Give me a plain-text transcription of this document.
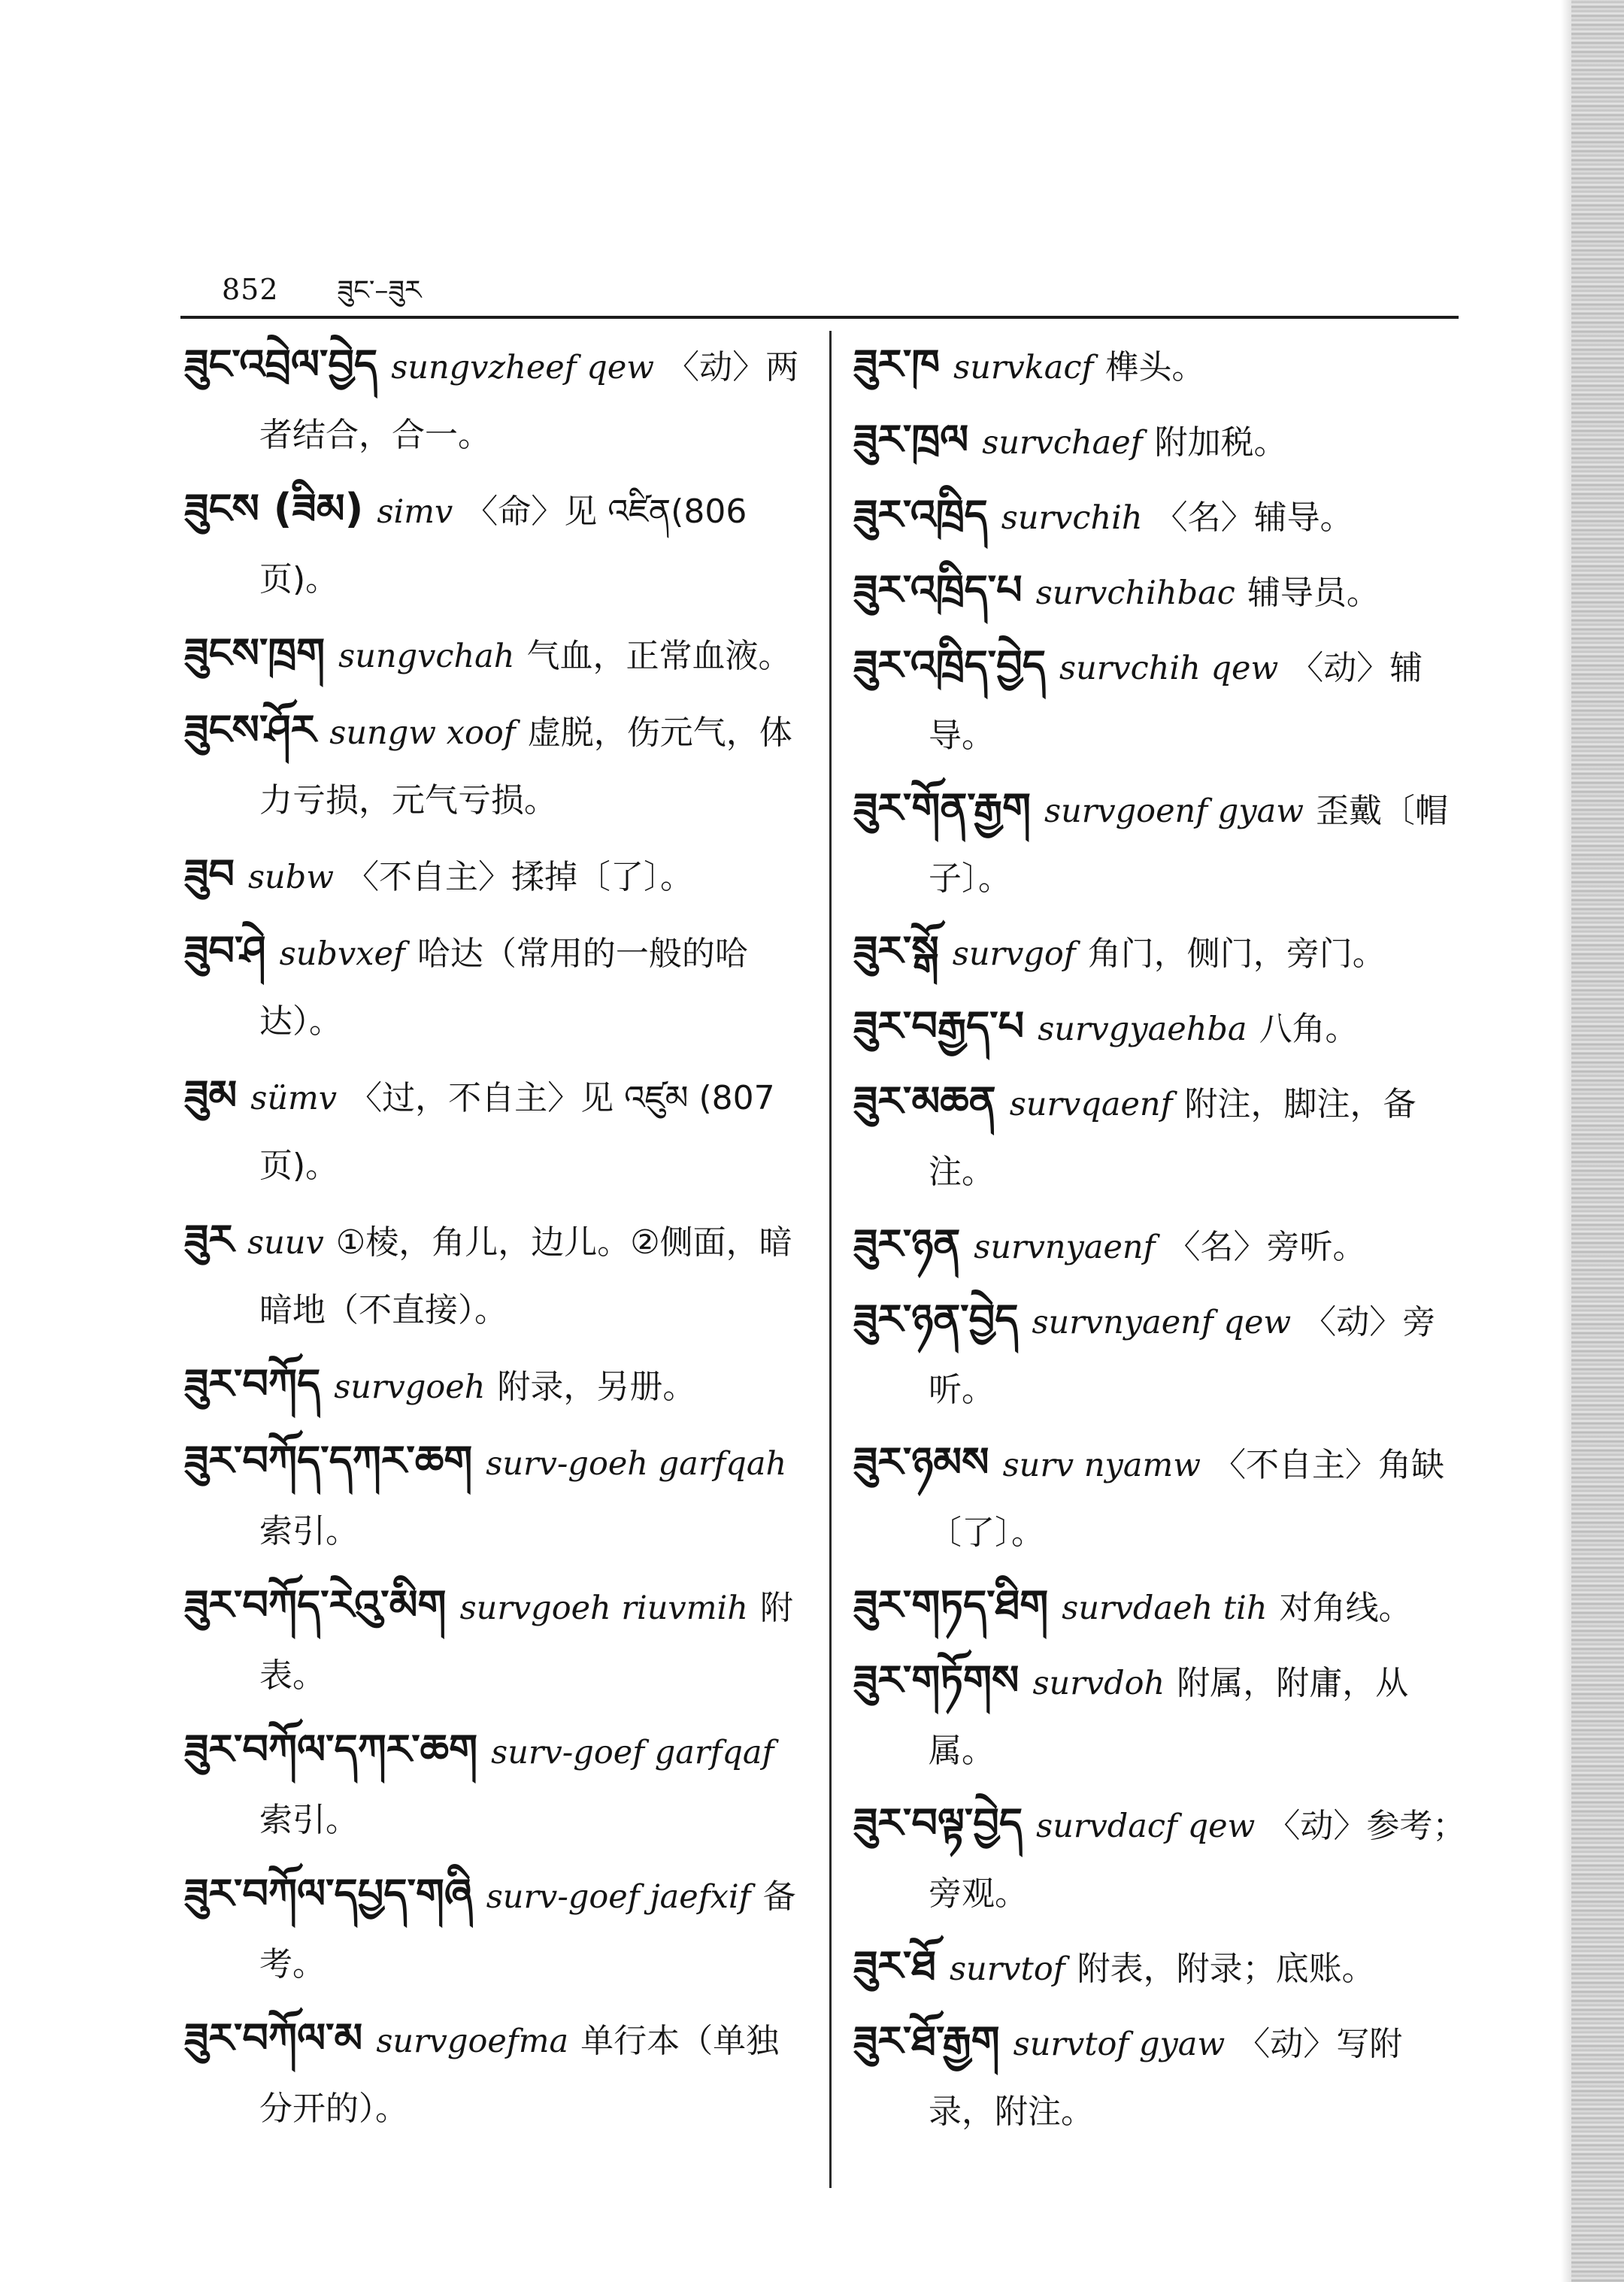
852 ཟུང་–ཟུར
ཟུང་འབྲེལ་བྱེད sungvzheef qew 〈动〉两者结合，合一。
ཟུངས (ཟིམ) simv 〈命〉见 འཛིན(806页)。
ཟུངས་ཁྲག sungvchah 气血，正常血液。
ཟུངས་ཤོར sungw xoof 虚脱，伤元气，体力亏损，元气亏损。
ཟུབ subw 〈不自主〉揉掉〔了〕。
ཟུབ་ཤེ subvxef 哈达（常用的一般的哈达）。
ཟུམ sümv 〈过，不自主〉见 འཛུམ (807页)。
ཟུར suuv ①棱，角儿，边儿。②侧面，暗暗地（不直接）。
ཟུར་བཀོད survgoeh 附录，另册。
ཟུར་བཀོད་དཀར་ཆག surv-goeh garfqah索引。
ཟུར་བཀོད་རེའུ་མིག survgoeh riuvmih 附表。
ཟུར་བཀོལ་དཀར་ཆག surv-goef garfqaf索引。
ཟུར་བཀོལ་དཔྱད་གཞི surv-goef jaefxif 备考。
ཟུར་བཀོལ་མ survgoefma 单行本（单独分开的）。
ཟུར་ཁ survkacf 榫头。
ཟུར་ཁྲལ survchaef 附加税。
ཟུར་འཁྲིད survchih 〈名〉辅导。
ཟུར་འཁྲིད་པ survchihbac 辅导员。
ཟུར་འཁྲིད་བྱེད survchih qew 〈动〉辅导。
ཟུར་གོན་རྒྱག survgoenf gyaw 歪戴〔帽子〕。
ཟུར་སྒོ survgof 角门，侧门，旁门。
ཟུར་བརྒྱད་པ survgyaehba 八角。
ཟུར་མཆན survqaenf 附注，脚注，备注。
ཟུར་ཉན survnyaenf 〈名〉旁听。
ཟུར་ཉན་བྱེད survnyaenf qew 〈动〉旁听。
ཟུར་ཉམས surv nyamw 〈不自主〉角缺〔了〕。
ཟུར་གཏད་ཐིག survdaeh tih 对角线。
ཟུར་གཏོགས survdoh 附属，附庸，从属。
ཟུར་བལྟ་བྱེད survdacf qew 〈动〉参考；旁观。
ཟུར་ཐོ survtof 附表，附录；底账。
ཟུར་ཐོ་རྒྱག survtof gyaw 〈动〉写附录，附注。
